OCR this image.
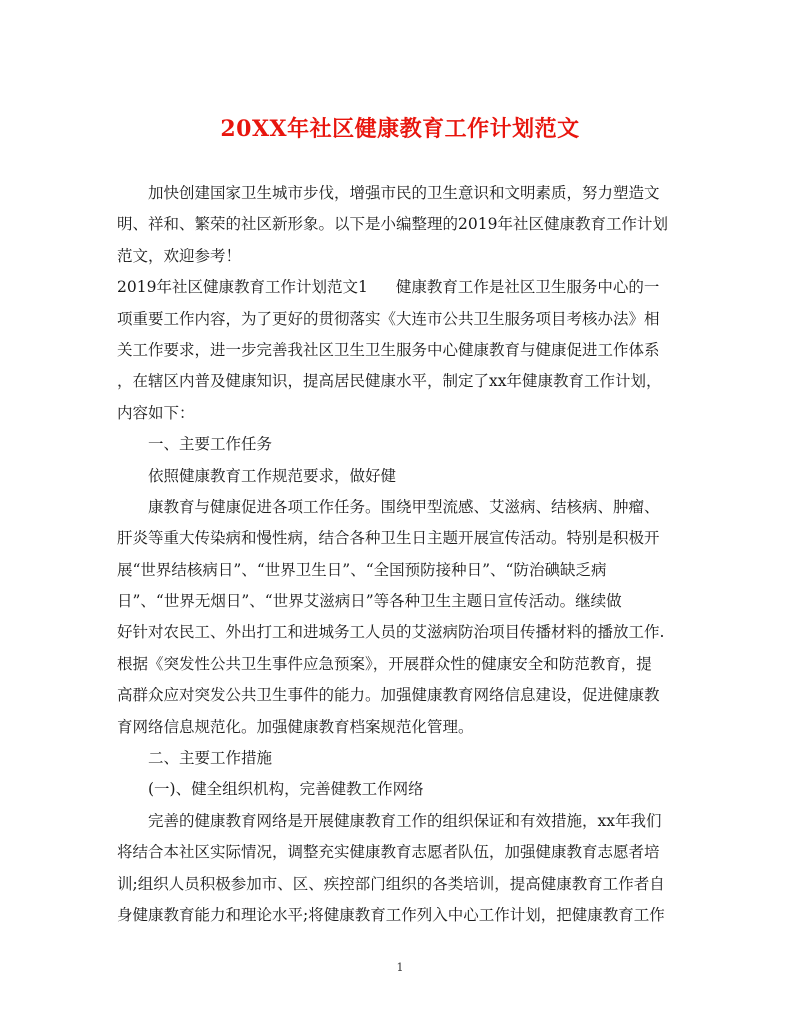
20XX年社区健康教育工作计划范文
加快创建国家卫生城市步伐，增强市民的卫生意识和文明素质，努力塑造文
明、祥和、繁荣的社区新形象。以下是小编整理的2019年社区健康教育工作计划
范文，欢迎参考！
2019年社区健康教育工作计划范文1 健康教育工作是社区卫生服务中心的一
项重要工作内容，为了更好的贯彻落实《大连市公共卫生服务项目考核办法》相
关工作要求，进一步完善我社区卫生卫生服务中心健康教育与健康促进工作体系
，在辖区内普及健康知识，提高居民健康水平，制定了xx年健康教育工作计划，
内容如下：
一、主要工作任务
依照健康教育工作规范要求，做好健
康教育与健康促进各项工作任务。围绕甲型流感、艾滋病、结核病、肿瘤、
肝炎等重大传染病和慢性病，结合各种卫生日主题开展宣传活动。特别是积极开
展“世界结核病日”、“世界卫生日”、“全国预防接种日”、“防治碘缺乏病
日”、“世界无烟日”、“世界艾滋病日”等各种卫生主题日宣传活动。继续做
好针对农民工、外出打工和进城务工人员的艾滋病防治项目传播材料的播放工作.
根据《突发性公共卫生事件应急预案》，开展群众性的健康安全和防范教育，提
高群众应对突发公共卫生事件的能力。加强健康教育网络信息建设，促进健康教
育网络信息规范化。加强健康教育档案规范化管理。
二、主要工作措施
(一)、健全组织机构，完善健教工作网络
完善的健康教育网络是开展健康教育工作的组织保证和有效措施，xx年我们
将结合本社区实际情况，调整充实健康教育志愿者队伍，加强健康教育志愿者培
训;组织人员积极参加市、区、疾控部门组织的各类培训，提高健康教育工作者自
身健康教育能力和理论水平;将健康教育工作列入中心工作计划，把健康教育工作
1
